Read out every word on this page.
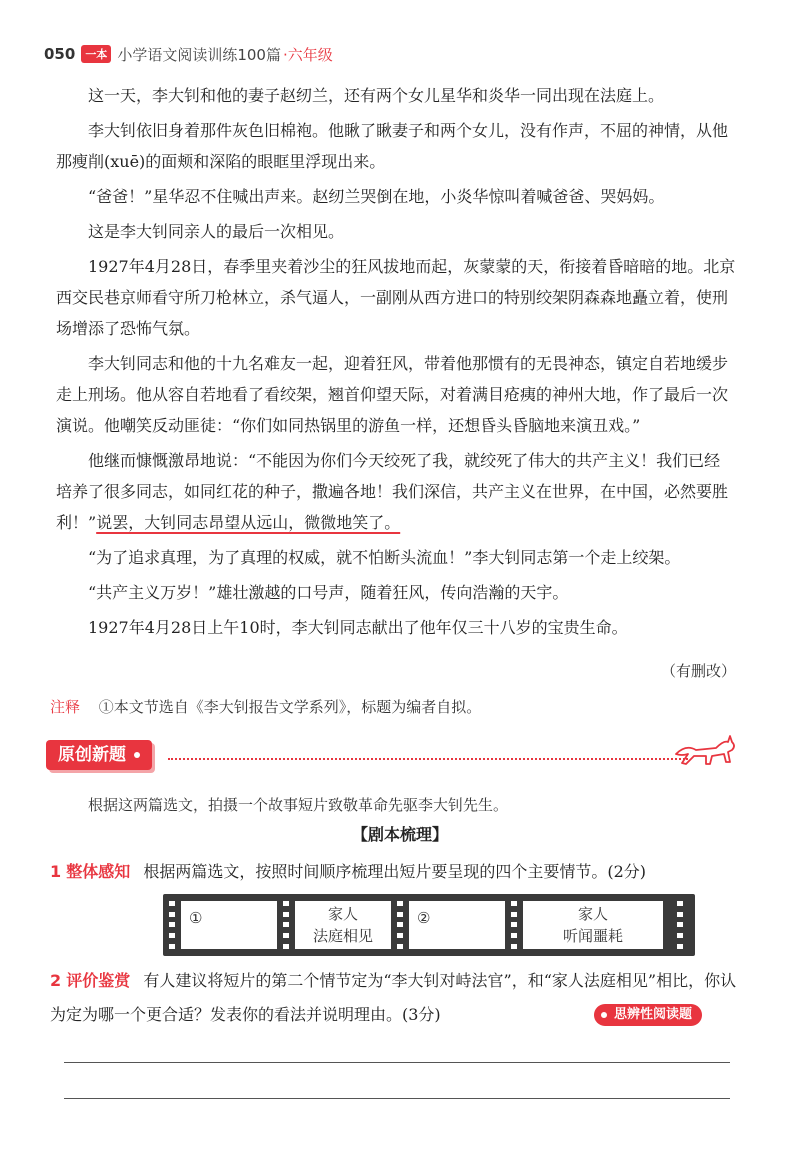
050 一本 小学语文阅读训练100篇 ·六年级

这一天，李大钊和他的妻子赵纫兰，还有两个女儿星华和炎华一同出现在法庭上。

李大钊依旧身着那件灰色旧棉袍。他瞅了瞅妻子和两个女儿，没有作声，不屈的神情，从他那瘦削(xuē)的面颊和深陷的眼眶里浮现出来。

“爸爸！”星华忍不住喊出声来。赵纫兰哭倒在地，小炎华惊叫着喊爸爸、哭妈妈。

这是李大钊同亲人的最后一次相见。

1927年4月28日，春季里夹着沙尘的狂风拔地而起，灰蒙蒙的天，衔接着昏暗暗的地。北京西交民巷京师看守所刀枪林立，杀气逼人，一副刚从西方进口的特别绞架阴森森地矗立着，使刑场增添了恐怖气氛。

李大钊同志和他的十九名难友一起，迎着狂风，带着他那惯有的无畏神态，镇定自若地缓步走上刑场。他从容自若地看了看绞架，翘首仰望天际，对着满目疮痍的神州大地，作了最后一次演说。他嘲笑反动匪徒：“你们如同热锅里的游鱼一样，还想昏头昏脑地来演丑戏。”

他继而慷慨激昂地说：“不能因为你们今天绞死了我，就绞死了伟大的共产主义！我们已经培养了很多同志，如同红花的种子，撒遍各地！我们深信，共产主义在世界，在中国，必然要胜利！”说罢，大钊同志昂望从远山，微微地笑了。

“为了追求真理，为了真理的权威，就不怕断头流血！”李大钊同志第一个走上绞架。

“共产主义万岁！”雄壮激越的口号声，随着狂风，传向浩瀚的天宇。

1927年4月28日上午10时，李大钊同志献出了他年仅三十八岁的宝贵生命。

（有删改）
注释 ①本文节选自《李大钊报告文学系列》，标题为编者自拟。
原创新题
根据这两篇选文，拍摄一个故事短片致敬革命先驱李大钊先生。
【剧本梳理】
1 整体感知 根据两篇选文，按照时间顺序梳理出短片要呈现的四个主要情节。(2分)
①	家人
法庭相见
②	家人
听闻噩耗
2 评价鉴赏 有人建议将短片的第二个情节定为“李大钊对峙法官”，和“家人法庭相见”相比，你认
为定为哪一个更合适？发表你的看法并说明理由。(3分)	思辨性阅读题
